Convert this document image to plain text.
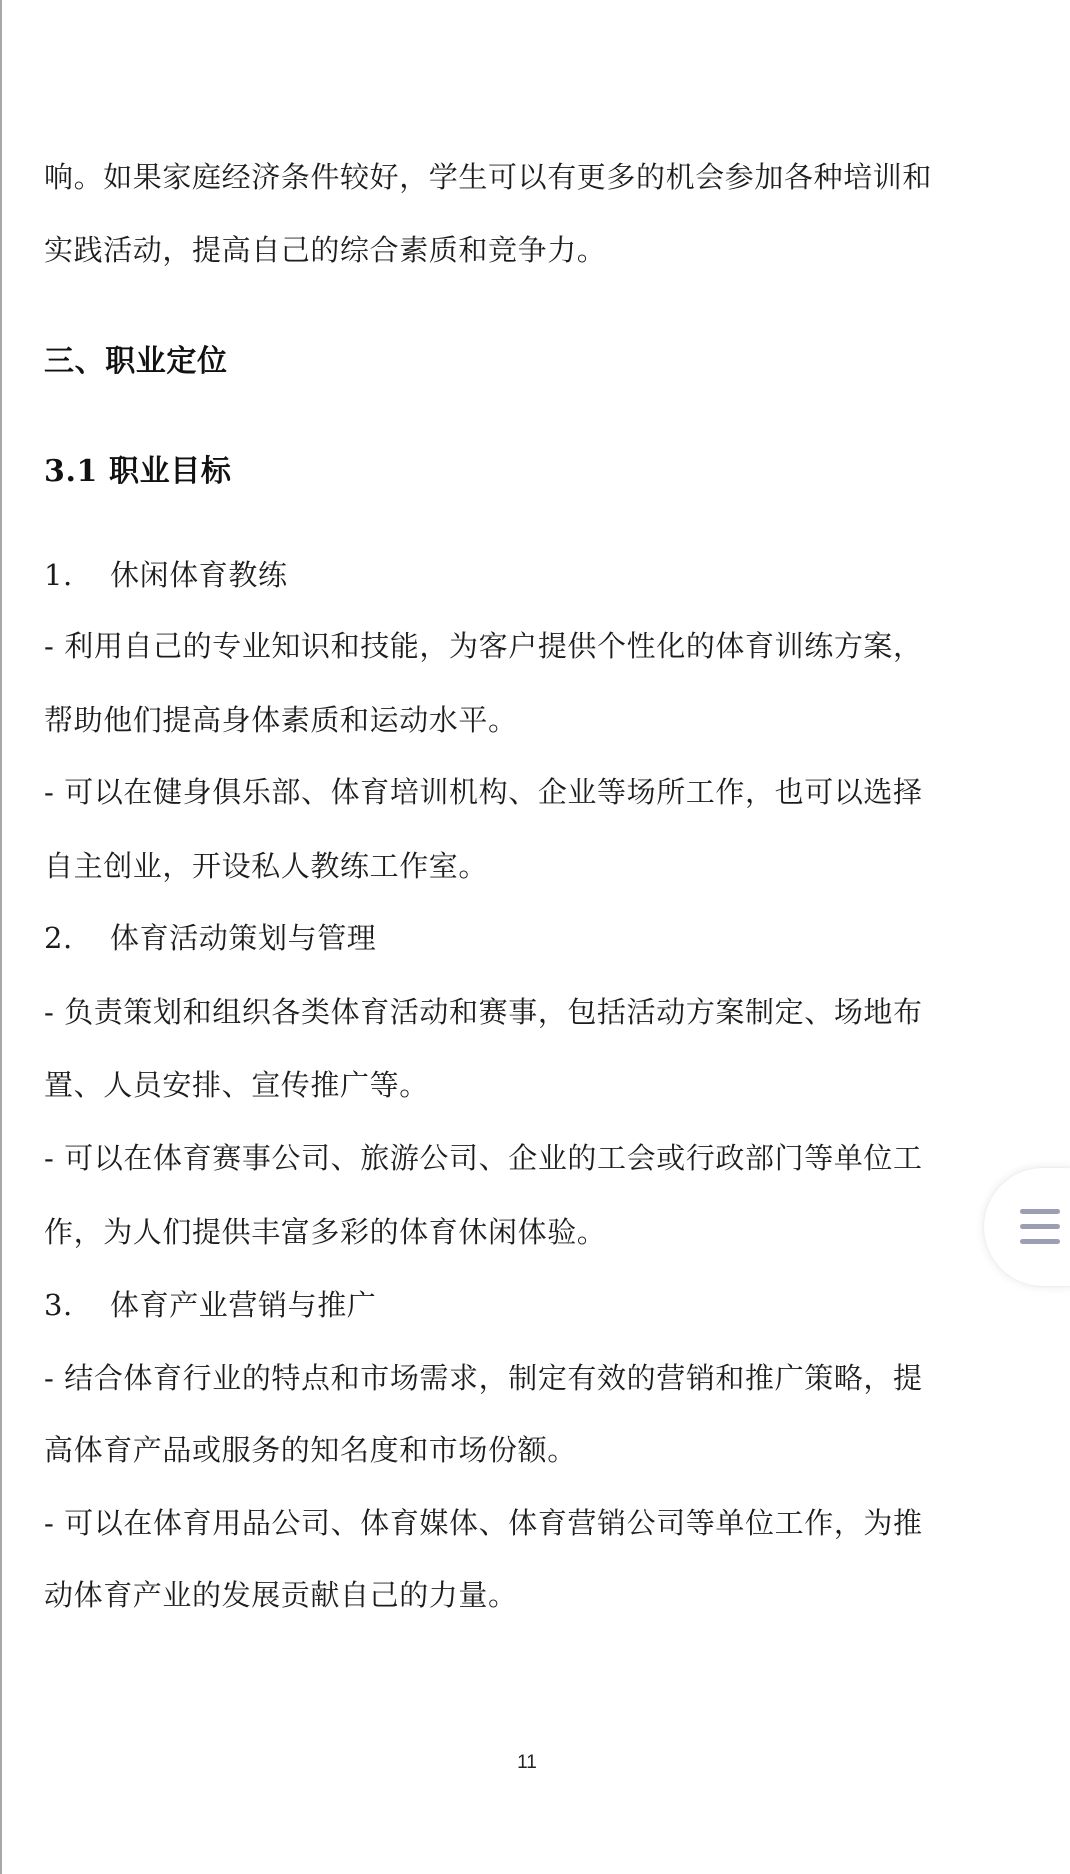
响。如果家庭经济条件较好，学生可以有更多的机会参加各种培训和
实践活动，提高自己的综合素质和竞争力。
三、职业定位
3.1 职业目标
1. 休闲体育教练
- 利用自己的专业知识和技能，为客户提供个性化的体育训练方案，
帮助他们提高身体素质和运动水平。
- 可以在健身俱乐部、体育培训机构、企业等场所工作，也可以选择
自主创业，开设私人教练工作室。
2. 体育活动策划与管理
- 负责策划和组织各类体育活动和赛事，包括活动方案制定、场地布
置、人员安排、宣传推广等。
- 可以在体育赛事公司、旅游公司、企业的工会或行政部门等单位工
作，为人们提供丰富多彩的体育休闲体验。
3. 体育产业营销与推广
- 结合体育行业的特点和市场需求，制定有效的营销和推广策略，提
高体育产品或服务的知名度和市场份额。
- 可以在体育用品公司、体育媒体、体育营销公司等单位工作，为推
动体育产业的发展贡献自己的力量。
11
